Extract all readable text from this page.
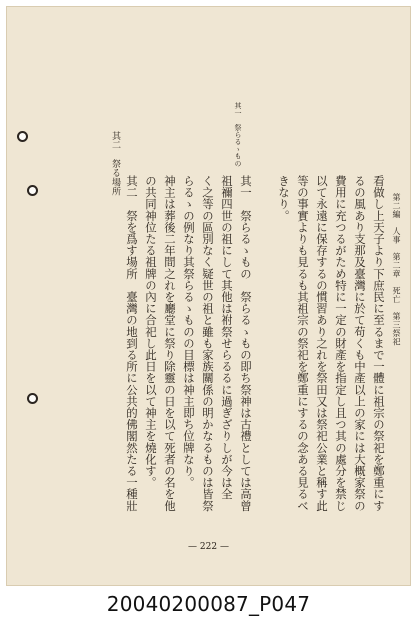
第二編　人事　第二章　死亡　第三祭祀
看做し上天子より下庶民に至るまで一體に祖宗の祭祀を鄭重にす
るの風あり支那及臺灣に於て苟くも中產以上の家には大概家祭の
費用に充つるがため特に一定の財產を指定し且つ其の處分を禁じ
以て永遠に保存するの慣習あり之れを祭田又は祭祀公業と稱す此
等の事實よりも見るも其祖宗の祭祀を鄭重にするの念ある見るべ
きなり。
其一　祭らるゝもの　祭らるゝもの即ち祭神は古禮としては高曾
祖禰四世の祖にして其他は祔祭せらるるに過ぎざりしが今は全
く之等の區別なく疑世の祖と雖も家族關係の明かなるものは皆祭
らるゝの例なり其祭らるゝものの目標は神主即ち位牌なり。
神主は葬後二年間之れを廳堂に祭り除靈の日を以て死者の名を他
の共同神位たる祖牌の內に合祀し此日を以て神主を燒化す。
其二　祭を爲す場所　臺灣の地到る所に公共的佛閣然たる一種壯
其一　祭らるゝもの
其二　祭る場所
— 222 —
20040200087_P047
